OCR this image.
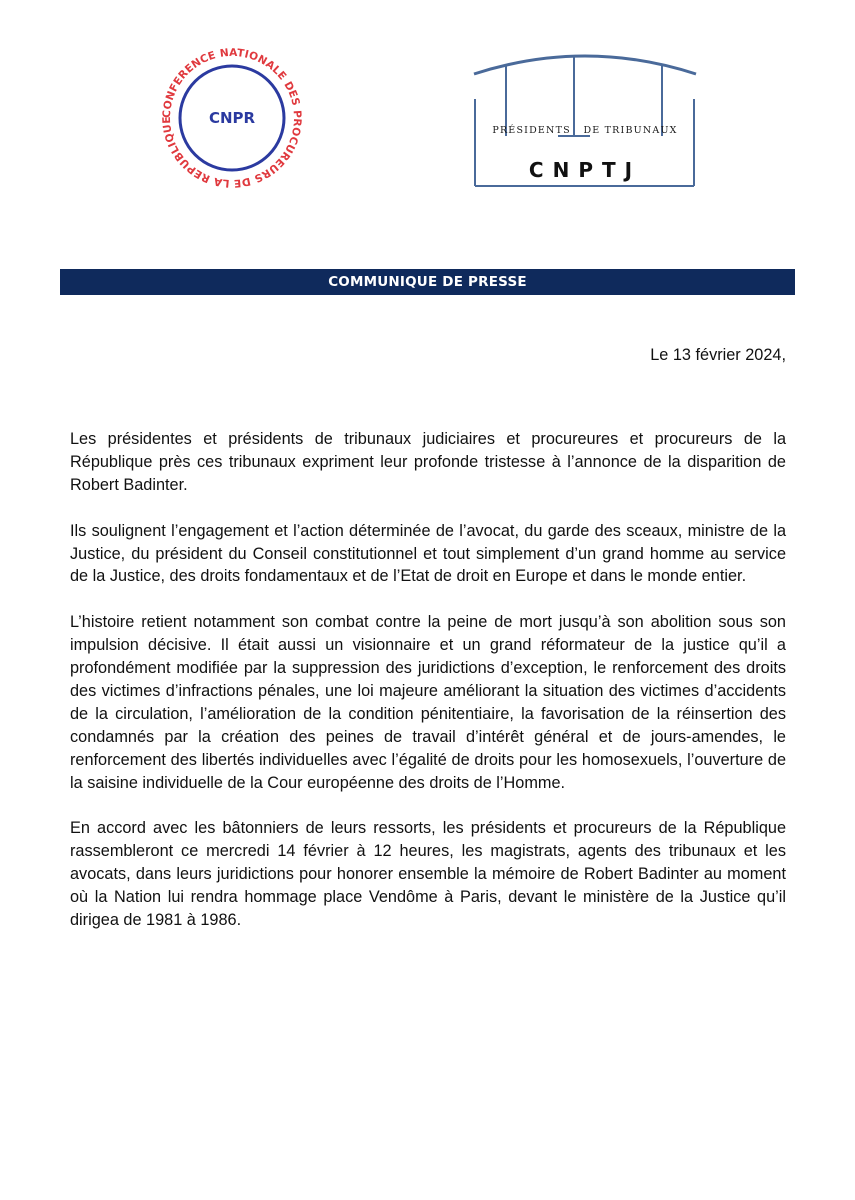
CONFERENCE NATIONALE DES PROCUREURS DE LA REPUBLIQUE	CNPR
PRÉSIDENTS   DE TRIBUNAUX
CNPTJ
COMMUNIQUE DE PRESSE
Le 13 février 2024,

Les présidentes et présidents de tribunaux judiciaires et procureures et procureurs de la République près ces tribunaux expriment leur profonde tristesse à l’annonce de la disparition de Robert Badinter.

Ils soulignent l’engagement et l’action déterminée de l’avocat, du garde des sceaux, ministre de la Justice, du président du Conseil constitutionnel et tout simplement d’un grand homme au service de la Justice, des droits fondamentaux et de l’Etat de droit en Europe et dans le monde entier.

L’histoire retient notamment son combat contre la peine de mort jusqu’à son abolition sous son impulsion décisive. Il était aussi un visionnaire et un grand réformateur de la justice qu’il a profondément modifiée par la suppression des juridictions d’exception, le renforcement des droits des victimes d’infractions pénales, une loi majeure améliorant la situation des victimes d’accidents de la circulation, l’amélioration de la condition pénitentiaire, la favorisation de la réinsertion des condamnés par la création des peines de travail d’intérêt général et de jours-amendes, le renforcement des libertés individuelles avec l’égalité de droits pour les homosexuels, l’ouverture de la saisine individuelle de la Cour européenne des droits de l’Homme.

En accord avec les bâtonniers de leurs ressorts, les présidents et procureurs de la République rassembleront ce mercredi 14 février à 12 heures, les magistrats, agents des tribunaux et les avocats, dans leurs juridictions pour honorer ensemble la mémoire de Robert Badinter au moment où la Nation lui rendra hommage place Vendôme à Paris, devant le ministère de la Justice qu’il dirigea de 1981 à 1986.
